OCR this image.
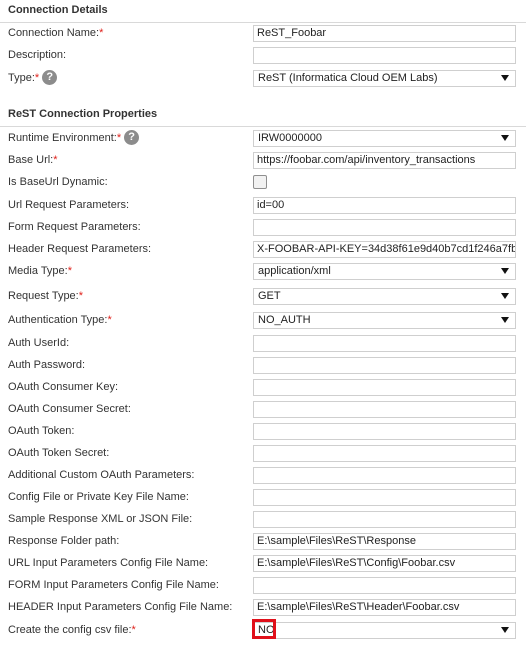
Connection Details
Connection Name:*
ReST_Foobar
Description:
Type:* ?	ReST (Informatica Cloud OEM Labs)
ReST Connection Properties
Runtime Environment:* ?	IRW0000000
Base Url:*
https://foobar.com/api/inventory_transactions
Is BaseUrl Dynamic:
Url Request Parameters:
id=00
Form Request Parameters:
Header Request Parameters:
X-FOOBAR-API-KEY=34d38f61e9d40b7cd1f246a7fb4
Media Type:*	application/xml
Request Type:*	GET
Authentication Type:*	NO_AUTH
Auth UserId:
Auth Password:
OAuth Consumer Key:
OAuth Consumer Secret:
OAuth Token:
OAuth Token Secret:
Additional Custom OAuth Parameters:
Config File or Private Key File Name:
Sample Response XML or JSON File:
Response Folder path:
E:\sample\Files\ReST\Response
URL Input Parameters Config File Name:
E:\sample\Files\ReST\Config\Foobar.csv
FORM Input Parameters Config File Name:
HEADER Input Parameters Config File Name:
E:\sample\Files\ReST\Header\Foobar.csv
Create the config csv file:*	NO
